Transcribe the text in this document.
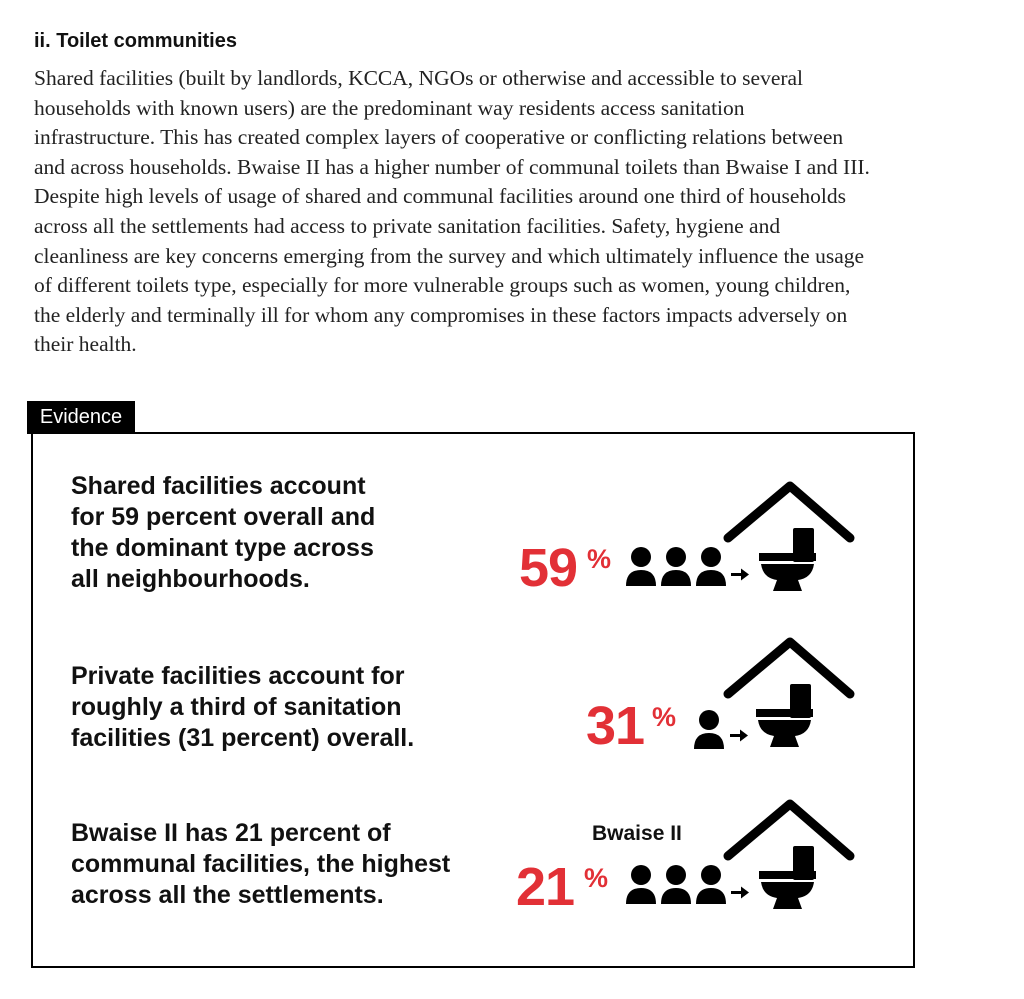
ii. Toilet communities

Shared facilities (built by landlords, KCCA, NGOs or otherwise and accessible to several
households with known users) are the predominant way residents access sanitation
infrastructure. This has created complex layers of cooperative or conflicting relations between
and across households. Bwaise II has a higher number of communal toilets than Bwaise I and III.
Despite high levels of usage of shared and communal facilities around one third of households
across all the settlements had access to private sanitation facilities. Safety, hygiene and
cleanliness are key concerns emerging from the survey and which ultimately influence the usage
of different toilets type, especially for more vulnerable groups such as women, young children,
the elderly and terminally ill for whom any compromises in these factors impacts adversely on
their health.

Evidence

Shared facilities account
for 59 percent overall and
the dominant type across
all neighbourhoods.	59 %

Private facilities account for
roughly a third of sanitation
facilities (31 percent) overall.	31 %

Bwaise II has 21 percent of
communal facilities, the highest
across all the settlements.

Bwaise II
21 %
